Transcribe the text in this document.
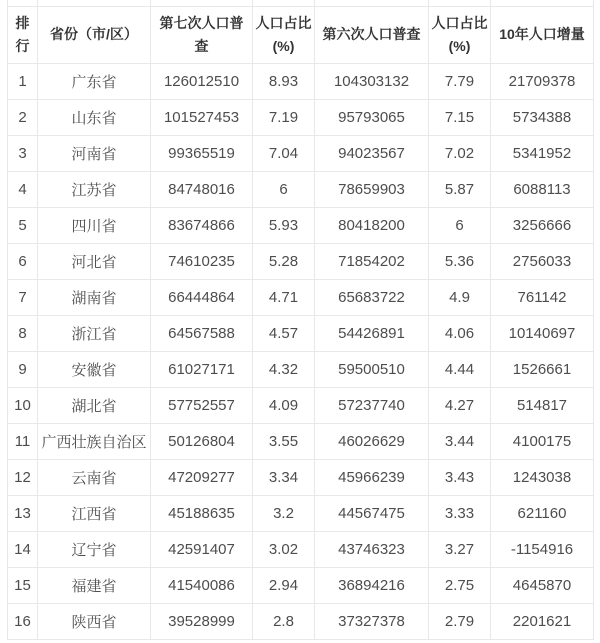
排行	省份（市/区）	第七次人口普查	人口占比(%)	第六次人口普查	人口占比(%)	10年人口增量
1	广东省	126012510	8.93	104303132	7.79	21709378
2	山东省	101527453	7.19	95793065	7.15	5734388
3	河南省	99365519	7.04	94023567	7.02	5341952
4	江苏省	84748016	6	78659903	5.87	6088113
5	四川省	83674866	5.93	80418200	6	3256666
6	河北省	74610235	5.28	71854202	5.36	2756033
7	湖南省	66444864	4.71	65683722	4.9	761142
8	浙江省	64567588	4.57	54426891	4.06	10140697
9	安徽省	61027171	4.32	59500510	4.44	1526661
10	湖北省	57752557	4.09	57237740	4.27	514817
11	广西壮族自治区	50126804	3.55	46026629	3.44	4100175
12	云南省	47209277	3.34	45966239	3.43	1243038
13	江西省	45188635	3.2	44567475	3.33	621160
14	辽宁省	42591407	3.02	43746323	3.27	-1154916
15	福建省	41540086	2.94	36894216	2.75	4645870
16	陕西省	39528999	2.8	37327378	2.79	2201621
